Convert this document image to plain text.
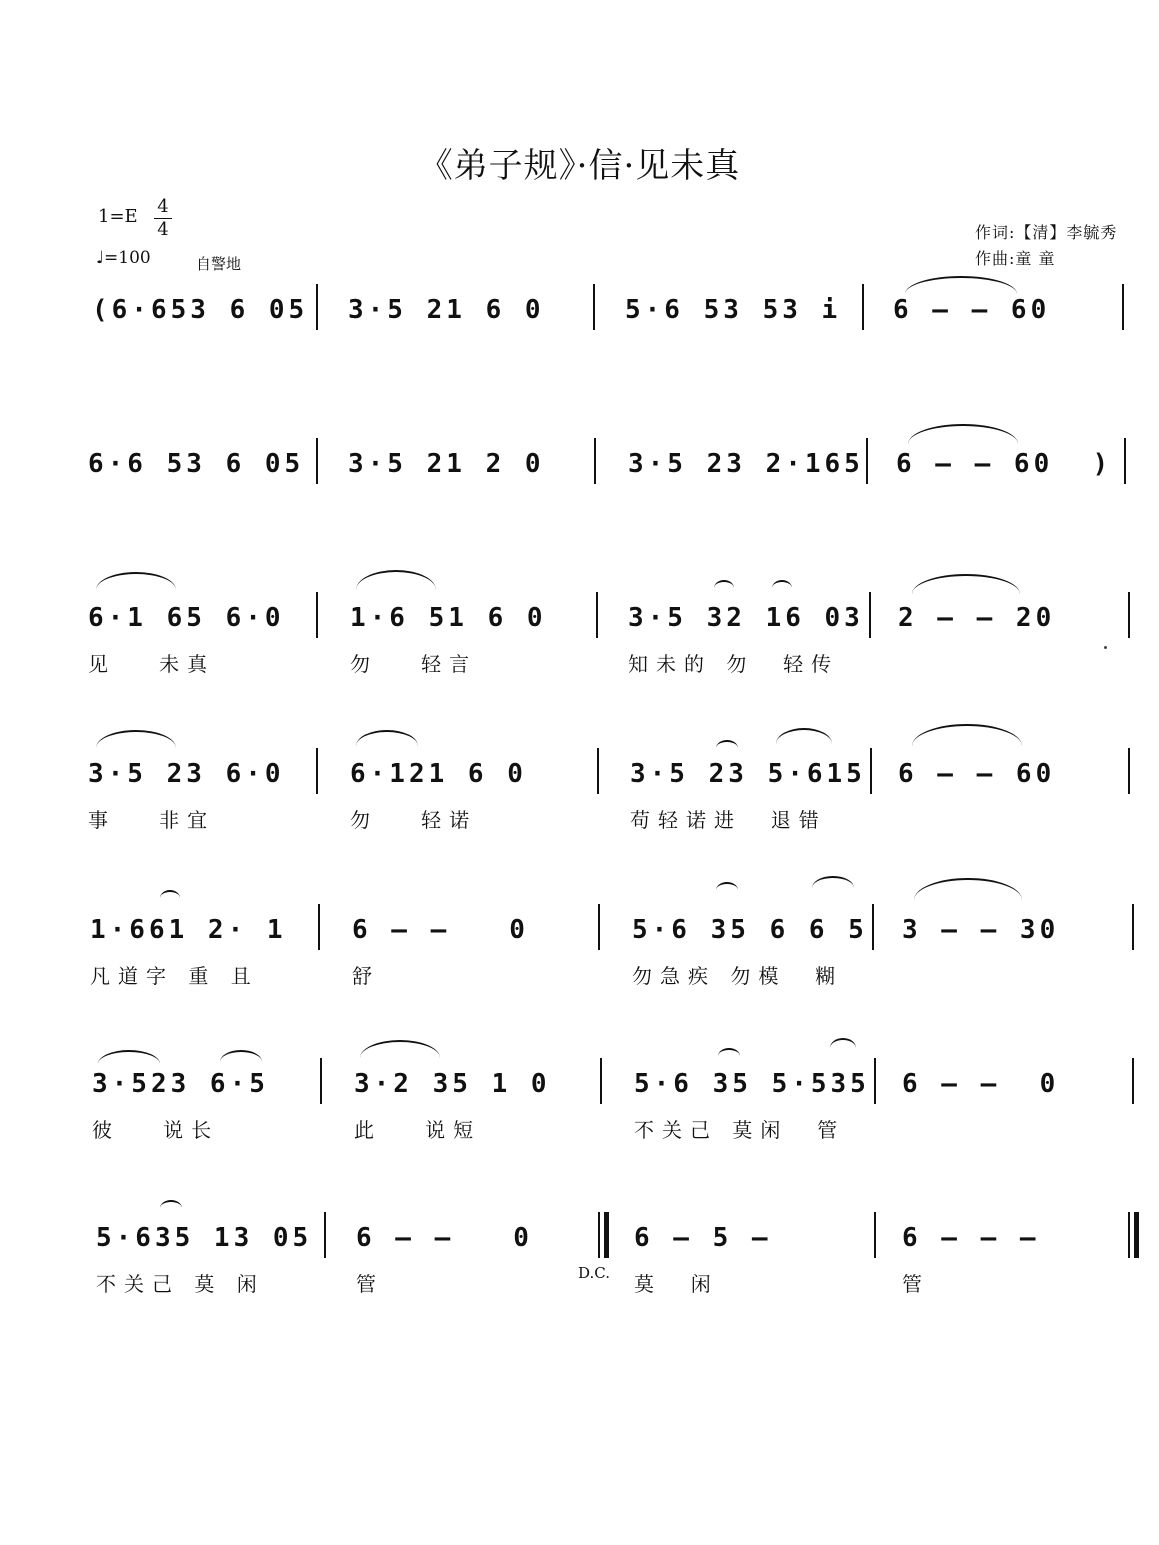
《弟子规》·信·见未真
1=E	4
4
♩=100	自警地
作词:【清】李毓秀
作曲:童 童
(6·653 6 05 3·5 21 6 0	5·6 53 53 i 6 – – 60
6·6 53 6 05 3·5 21 2 0	3·5 23 2·165 6 – – 60  )
6·1 65 6·0	1·6 51 6 0	3·5 32 16 03 2 – – 20
见   未真	勿   轻言	知未的 勿  轻传
3·5 23 6·0	6·121 6 0	3·5 23 5·615 6 – – 60
事   非宜	勿   轻诺	苟轻诺进  退错
1·661 2· 1	6 – –   0	5·6 35 6 6 5 3 – – 30
凡道字 重 且	舒	勿急疾 勿模  糊
3·523 6·5	3·2 35 1 0	5·6 35 5·535 6 – –  0
彼   说长	此   说短	不关己 莫闲  管
5·635 13 05 6 – –   0	6 – 5 –	6 – – –
不关己 莫 闲	管	D.C. 莫  闲	管
